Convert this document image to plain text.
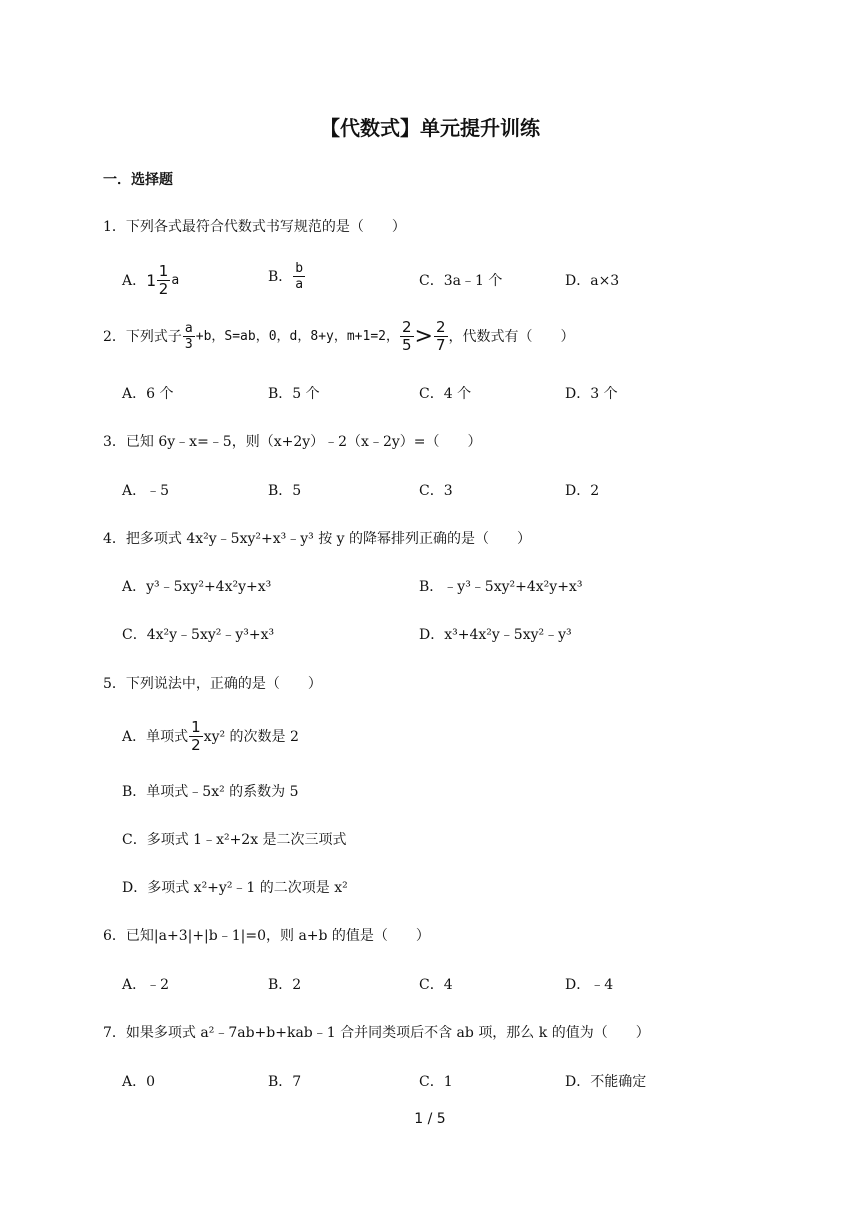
【代数式】单元提升训练
一．选择题
1．下列各式最符合代数式书写规范的是（　　）
A． $1 \frac{1}{2}$ a	B． $\frac{b}{a}$	C．3a﹣1 个	D．a×3
2．下列式子 $\frac{a}{3} +b$，S=ab，0，d，8+y，m+1=2， $\frac{2}{5} > \frac{2}{7}$ ，代数式有（　　）
A．6 个	B．5 个	C．4 个	D．3 个
3．已知 6y﹣x=﹣5，则（x+2y）﹣2（x﹣2y）=（　　）
A．﹣5	B．5	C．3	D．2
4．把多项式 4x²y﹣5xy²+x³﹣y³ 按 y 的降幂排列正确的是（　　）
A．y³﹣5xy²+4x²y+x³	B．﹣y³﹣5xy²+4x²y+x³
C．4x²y﹣5xy²﹣y³+x³	D．x³+4x²y﹣5xy²﹣y³
5．下列说法中，正确的是（　　）
A．单项式 $\frac{1}{2} xy^2$ 的次数是 2
B．单项式﹣5x² 的系数为 5
C．多项式 1﹣x²+2x 是二次三项式
D．多项式 x²+y²﹣1 的二次项是 x²
6．已知|a+3|+|b﹣1|=0，则 a+b 的值是（　　）
A．﹣2	B．2	C．4	D．﹣4
7．如果多项式 a²﹣7ab+b+kab﹣1 合并同类项后不含 ab 项，那么 k 的值为（　　）
A．0	B．7	C．1	D．不能确定
1 / 5
